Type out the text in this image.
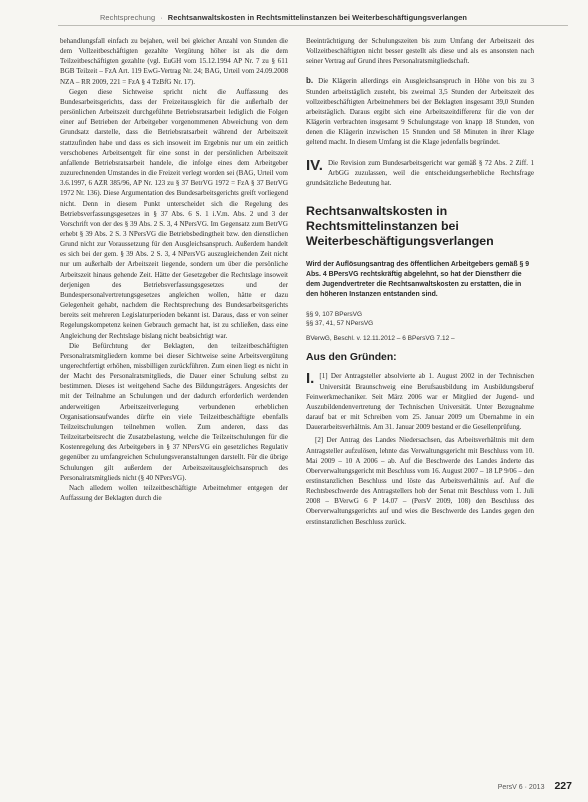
Rechtsprechung · Rechtsanwaltskosten in Rechtsmittelinstanzen bei Weiterbeschäftigungsverlangen

behandlungsfall einfach zu bejahen, weil bei gleicher Anzahl von Stunden die dem Vollzeitbeschäftigten gezahlte Vergütung höher ist als die dem Teilzeitbeschäftigten gezahlte (vgl. EuGH vom 15.12.1994 AP Nr. 7 zu § 611 BGB Teilzeit – FzA Art. 119 EwG-Vertrag Nr. 24; BAG, Urteil vom 24.09.2008 NZA – RR 2009, 221 = FzA § 4 TzBfG Nr. 17).

Gegen diese Sichtweise spricht nicht die Auffassung des Bundesarbeitsgerichts, dass der Freizeitausgleich für die außerhalb der persönlichen Arbeitszeit durchgeführte Betriebsratsarbeit lediglich die Folgen einer auf Betrieben der Arbeitgeber vorgenommenen Abweichung von dem Grundsatz darstelle, dass die Betriebsratsarbeit während der Arbeitszeit stattzufinden habe und dass es sich insoweit im Ergebnis nur um ein zeitlich verschobenes Arbeitsentgelt für eine sonst in der persönlichen Arbeitszeit anfallende Betriebsratsarbeit handele, die infolge eines dem Arbeitgeber zuzurechnenden Umstandes in die Freizeit verlegt worden sei (BAG, Urteil vom 3.6.1997, 6 AZR 385/96, AP Nr. 123 zu § 37 BetrVG 1972 = FzA § 37 BetrVG 1972 Nr. 136). Diese Argumentation des Bundesarbeitsgerichts greift vorliegend nicht. Denn in diesem Punkt unterscheidet sich die Regelung des Betriebsverfassungsgesetzes in § 37 Abs. 6 S. 1 i.V.m. Abs. 2 und 3 der Vorschrift von der des § 39 Abs. 2 S. 3, 4 NPersVG. Im Gegensatz zum BetrVG erhebt § 39 Abs. 2 S. 3 NPersVG die Betriebsbedingtheit bzw. den dienstlichen Grund nicht zur Voraussetzung für den Ausgleichsanspruch. Außerdem handelt es sich bei der gem. § 39 Abs. 2 S. 3, 4 NPersVG auszugleichenden Zeit nicht nur um außerhalb der Arbeitszeit liegende, sondern um über die persönliche Arbeitszeit hinaus gehende Zeit. Hätte der Gesetzgeber die Rechtslage insoweit derjenigen des Betriebsverfassungsgesetzes und der Bundespersonalvertretungsgesetzes angleichen wollen, hätte er dazu Gelegenheit gehabt, nachdem die Rechtsprechung des Bundesarbeitsgerichts bereits seit mehreren Legislaturperioden bekannt ist. Daraus, dass er von seiner Regelungskompetenz keinen Gebrauch gemacht hat, ist zu schließen, dass eine Angleichung der Rechtslage bislang nicht beabsichtigt war.

Die Befürchtung der Beklagten, den teilzeitbeschäftigten Personalratsmitgliedern komme bei dieser Sichtweise seine Arbeitsvergütung ungerechtfertigt erhöhen, missbilligen zurückführen. Zum einen liegt es nicht in der Macht des Personalratsmitglieds, die Dauer einer Schulung selbst zu bestimmen. Dieses ist weitgehend Sache des Bildungsträgers. Angesichts der mit der Teilnahme an Schulungen und der dadurch erforderlich werdenden anderweitigen Arbeitszeitverlegung verbundenen erheblichen Organisationsaufwandes dürfte ein viele Teilzeitbeschäftigte ebenfalls Teilzeitschulungen teilnehmen wollen. Zum anderen, dass das Teilzeitarbeitsrecht die Zusatzbelastung, welche die Teilzeitschulungen für die Kostenregelung des Arbeitgebers in § 37 NPersVG ein gesetzliches Regulativ gegenüber zu umfangreichen Schulungsveranstaltungen darstellt. Für die übrige Schulungen gilt außerdem der Arbeitszeitausgleichsanspruch des Personalratsmitglieds nicht (§ 40 NPersVG).

Nach alledem wollen teilzeitbeschäftigte Arbeitnehmer entgegen der Auffassung der Beklagten durch die

Beeinträchtigung der Schulungszeiten bis zum Umfang der Arbeitszeit des Vollzeitbeschäftigten nicht besser gestellt als diese und als es ansonsten nach seiner Vertrag auf Grund ihres Personalratsmitgliedschaft.

b. Die Klägerin allerdings ein Ausgleichsanspruch in Höhe von bis zu 3 Stunden arbeitstäglich zusteht, bis zweimal 3,5 Stunden der Arbeitszeit des vollzeitbeschäftigten Arbeitnehmers bei der Beklagten insgesamt 39,0 Stunden arbeitstäglich. Daraus ergibt sich eine Arbeitszeitdifferenz für die von der Klägerin verbrachten insgesamt 9 Schulungstage von knapp 18 Stunden, von denen die Klägerin inzwischen 15 Stunden und 58 Minuten in ihrer Klage geltend macht. In diesem Umfang ist die Klage jedenfalls begründet.

IV. Die Revision zum Bundesarbeitsgericht war gemäß § 72 Abs. 2 Ziff. 1 ArbGG zuzulassen, weil die entscheidungserhebliche Rechtsfrage grundsätzliche Bedeutung hat.

Rechtsanwaltskosten in Rechtsmittelinstanzen bei Weiterbeschäftigungsverlangen
Wird der Auflösungsantrag des öffentlichen Arbeitgebers gemäß § 9 Abs. 4 BPersVG rechtskräftig abgelehnt, so hat der Dienstherr die dem Jugendvertreter die Rechtsanwaltskosten zu erstatten, die in den höheren Instanzen entstanden sind.
§§ 9, 107 BPersVG
§§ 37, 41, 57 NPersVG
BVerwG, Beschl. v. 12.11.2012 – 6 BPersVG 7.12 –
Aus den Gründen:

I. [1] Der Antragsteller absolvierte ab 1. August 2002 in der Technischen Universität Braunschweig eine Berufsausbildung im Ausbildungsberuf Feinwerkmechaniker. Seit März 2006 war er Mitglied der Jugend- und Auszubildendenvertretung der Technischen Universität. Unter Bezugnahme darauf bat er mit Schreiben vom 25. Januar 2009 um Übernahme in ein Dauerarbeitsverhältnis. Am 31. Januar 2009 bestand er die Gesellenprüfung.

[2] Der Antrag des Landes Niedersachsen, das Arbeitsverhältnis mit dem Antragsteller aufzulösen, lehnte das Verwaltungsgericht mit Beschluss vom 10. Mai 2009 – 10 A 2006 – ab. Auf die Beschwerde des Landes änderte das Oberverwaltungsgericht mit Beschluss vom 16. August 2007 – 18 LP 9/06 – den erstinstanzlichen Beschluss und löste das Arbeitsverhältnis auf. Auf die Rechtsbeschwerde des Antragstellers hob der Senat mit Beschluss vom 1. Juli 2008 – BVerwG 6 P 14.07 – (PersV 2009, 108) den Beschluss des Oberverwaltungsgerichts auf und wies die Beschwerde des Landes gegen den erstinstanzlichen Beschluss zurück.

PersV 6 · 2013 227
